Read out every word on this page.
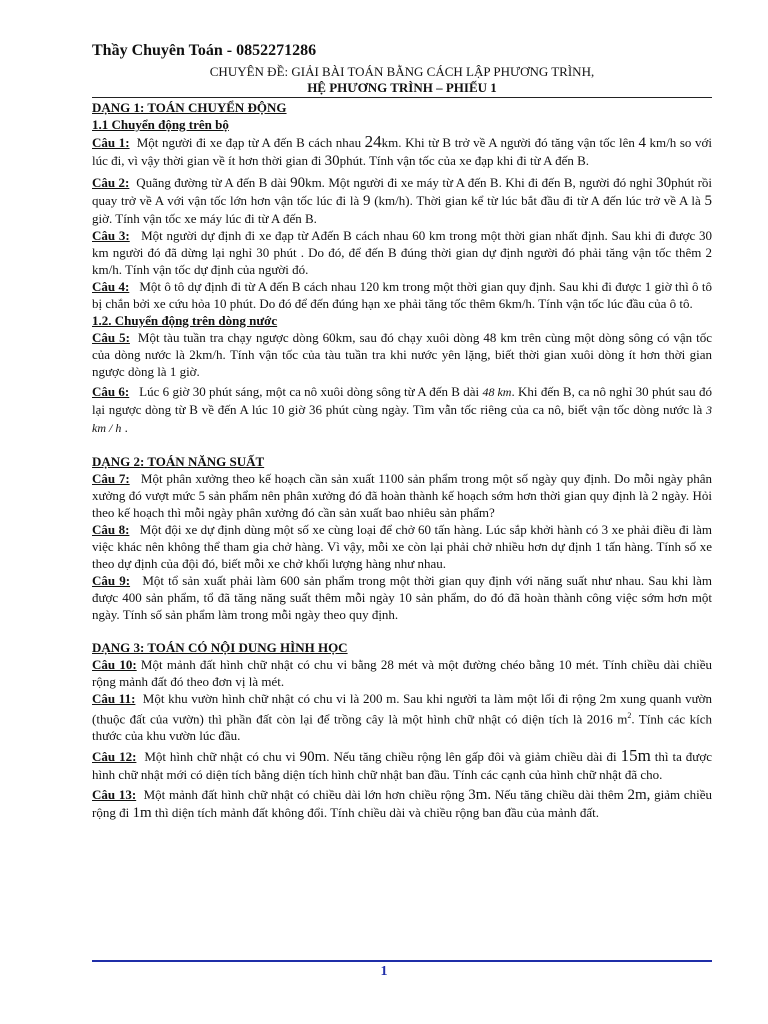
Thầy Chuyên Toán - 0852271286
CHUYÊN ĐỀ: GIẢI BÀI TOÁN BẰNG CÁCH LẬP PHƯƠNG TRÌNH,
HỆ PHƯƠNG TRÌNH – PHIẾU 1
DẠNG 1: TOÁN CHUYỂN ĐỘNG
1.1 Chuyển động trên bộ

Câu 1: Một người đi xe đạp từ A đến B cách nhau 24km. Khi từ B trở về A người đó tăng vận tốc lên 4 km/h so với lúc đi, vì vậy thời gian về ít hơn thời gian đi 30phút. Tính vận tốc của xe đạp khi đi từ A đến B.

Câu 2: Quãng đường từ A đến B dài 90km. Một người đi xe máy từ A đến B. Khi đi đến B, người đó nghỉ 30phút rồi quay trở về A với vận tốc lớn hơn vận tốc lúc đi là 9 (km/h). Thời gian kể từ lúc bắt đầu đi từ A đến lúc trở về A là 5 giờ. Tính vận tốc xe máy lúc đi từ A đến B.

Câu 3: Một người dự định đi xe đạp từ Ađến B cách nhau 60 km trong một thời gian nhất định. Sau khi đi được 30 km người đó đã dừng lại nghỉ 30 phút . Do đó, để đến B đúng thời gian dự định người đó phải tăng vận tốc thêm 2 km/h. Tính vận tốc dự định của người đó.

Câu 4: Một ô tô dự định đi từ A đến B cách nhau 120 km trong một thời gian quy định. Sau khi đi được 1 giờ thì ô tô bị chắn bởi xe cứu hỏa 10 phút. Do đó để đến đúng hạn xe phải tăng tốc thêm 6km/h. Tính vận tốc lúc đầu của ô tô.

1.2. Chuyển động trên dòng nước

Câu 5: Một tàu tuần tra chạy ngược dòng 60km, sau đó chạy xuôi dòng 48 km trên cùng một dòng sông có vận tốc của dòng nước là 2km/h. Tính vận tốc của tàu tuần tra khi nước yên lặng, biết thời gian xuôi dòng ít hơn thời gian ngược dòng là 1 giờ.

Câu 6: Lúc 6 giờ 30 phút sáng, một ca nô xuôi dòng sông từ A đến B dài 48 km. Khi đến B, ca nô nghỉ 30 phút sau đó lại ngược dòng từ B về đến A lúc 10 giờ 36 phút cùng ngày. Tìm vẫn tốc riêng của ca nô, biết vận tốc dòng nước là 3 km / h .

DẠNG 2: TOÁN NĂNG SUẤT

Câu 7: Một phân xưởng theo kế hoạch cần sản xuất 1100 sản phẩm trong một số ngày quy định. Do mỗi ngày phân xưởng đó vượt mức 5 sản phẩm nên phân xưởng đó đã hoàn thành kế hoạch sớm hơn thời gian quy định là 2 ngày. Hỏi theo kế hoạch thì mỗi ngày phân xưởng đó cần sản xuất bao nhiêu sản phẩm?

Câu 8: Một đội xe dự định dùng một số xe cùng loại để chở 60 tấn hàng. Lúc sắp khởi hành có 3 xe phải điều đi làm việc khác nên không thể tham gia chở hàng. Vì vậy, mỗi xe còn lại phải chở nhiều hơn dự định 1 tấn hàng. Tính số xe theo dự định của đội đó, biết mỗi xe chở khối lượng hàng như nhau.

Câu 9: Một tổ sản xuất phải làm 600 sản phẩm trong một thời gian quy định với năng suất như nhau. Sau khi làm được 400 sản phẩm, tổ đã tăng năng suất thêm mỗi ngày 10 sản phẩm, do đó đã hoàn thành công việc sớm hơn một ngày. Tính số sản phẩm làm trong mỗi ngày theo quy định.

DẠNG 3: TOÁN CÓ NỘI DUNG HÌNH HỌC

Câu 10: Một mảnh đất hình chữ nhật có chu vi bằng 28 mét và một đường chéo bằng 10 mét. Tính chiều dài chiều rộng mảnh đất đó theo đơn vị là mét.

Câu 11: Một khu vườn hình chữ nhật có chu vi là 200 m. Sau khi người ta làm một lối đi rộng 2m xung quanh vườn (thuộc đất của vườn) thì phần đất còn lại để trồng cây là một hình chữ nhật có diện tích là 2016 $m^2$. Tính các kích thước của khu vườn lúc đầu.

Câu 12: Một hình chữ nhật có chu vi 90m. Nếu tăng chiều rộng lên gấp đôi và giảm chiều dài đi 15m thì ta được hình chữ nhật mới có diện tích bằng diện tích hình chữ nhật ban đầu. Tính các cạnh của hình chữ nhật đã cho.

Câu 13: Một mảnh đất hình chữ nhật có chiều dài lớn hơn chiều rộng 3m. Nếu tăng chiều dài thêm 2m, giảm chiều rộng đi 1m thì diện tích mảnh đất không đổi. Tính chiều dài và chiều rộng ban đầu của mảnh đất.

1
